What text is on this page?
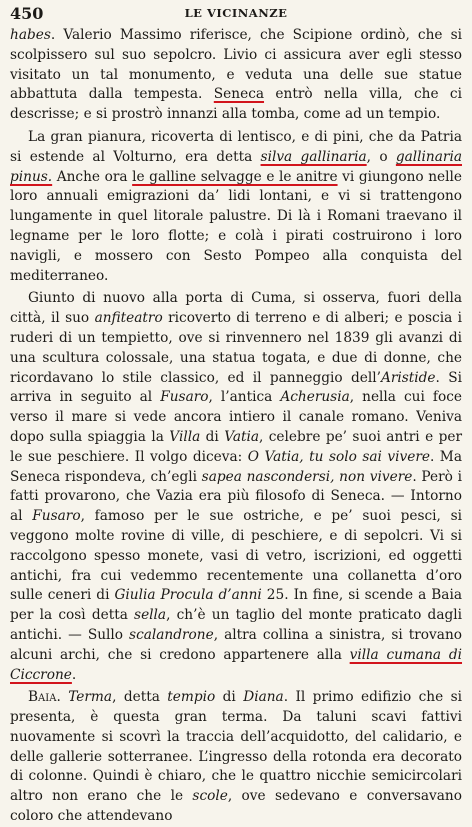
450	LE VICINANZE

habes. Valerio Massimo riferisce, che Scipione ordinò, che si scolpissero sul suo sepolcro. Livio ci assicura aver egli stesso visitato un tal monumento, e veduta una delle sue statue abbattuta dalla tempesta. Seneca entrò nella villa, che ci descrisse; e si prostrò innanzi alla tomba, come ad un tempio.

La gran pianura, ricoverta di lentisco, e di pini, che da Patria si estende al Volturno, era detta silva gallinaria, o gallinaria pinus. Anche ora le galline selvagge e le anitre vi giungono nelle loro annuali emigrazioni da’ lidi lontani, e vi si trattengono lungamente in quel litorale palustre. Di là i Romani traevano il legname per le loro flotte; e colà i pirati costruirono i loro navigli, e mossero con Sesto Pompeo alla conquista del mediterraneo.

Giunto di nuovo alla porta di Cuma, si osserva, fuori della città, il suo anfiteatro ricoverto di terreno e di alberi; e poscia i ruderi di un tempietto, ove si rinvennero nel 1839 gli avanzi di una scultura colossale, una statua togata, e due di donne, che ricordavano lo stile classico, ed il panneggio dell’Aristide. Si arriva in seguito al Fusaro, l’antica Acherusia, nella cui foce verso il mare si vede ancora intiero il canale romano. Veniva dopo sulla spiaggia la Villa di Vatia, celebre pe’ suoi antri e per le sue peschiere. Il volgo diceva: O Vatia, tu solo sai vivere. Ma Seneca rispondeva, ch’egli sapea nascondersi, non vivere. Però i fatti provarono, che Vazia era più filosofo di Seneca. — Intorno al Fusaro, famoso per le sue ostriche, e pe’ suoi pesci, si veggono molte rovine di ville, di peschiere, e di sepolcri. Vi si raccolgono spesso monete, vasi di vetro, iscrizioni, ed oggetti antichi, fra cui vedemmo recentemente una collanetta d’oro sulle ceneri di Giulia Procula d’anni 25. In fine, si scende a Baia per la così detta sella, ch’è un taglio del monte praticato dagli antichi. — Sullo scalandrone, altra collina a sinistra, si trovano alcuni archi, che si credono appartenere alla villa cumana di Ciccrone.

Baia. Terma, detta tempio di Diana. Il primo edifizio che si presenta, è questa gran terma. Da taluni scavi fattivi nuovamente si scovrì la traccia dell’acquidotto, del calidario, e delle gallerie sotterranee. L’ingresso della rotonda era decorato di colonne. Quindi è chiaro, che le quattro nicchie semicircolari altro non erano che le scole, ove sedevano e conversavano coloro che attendevano
